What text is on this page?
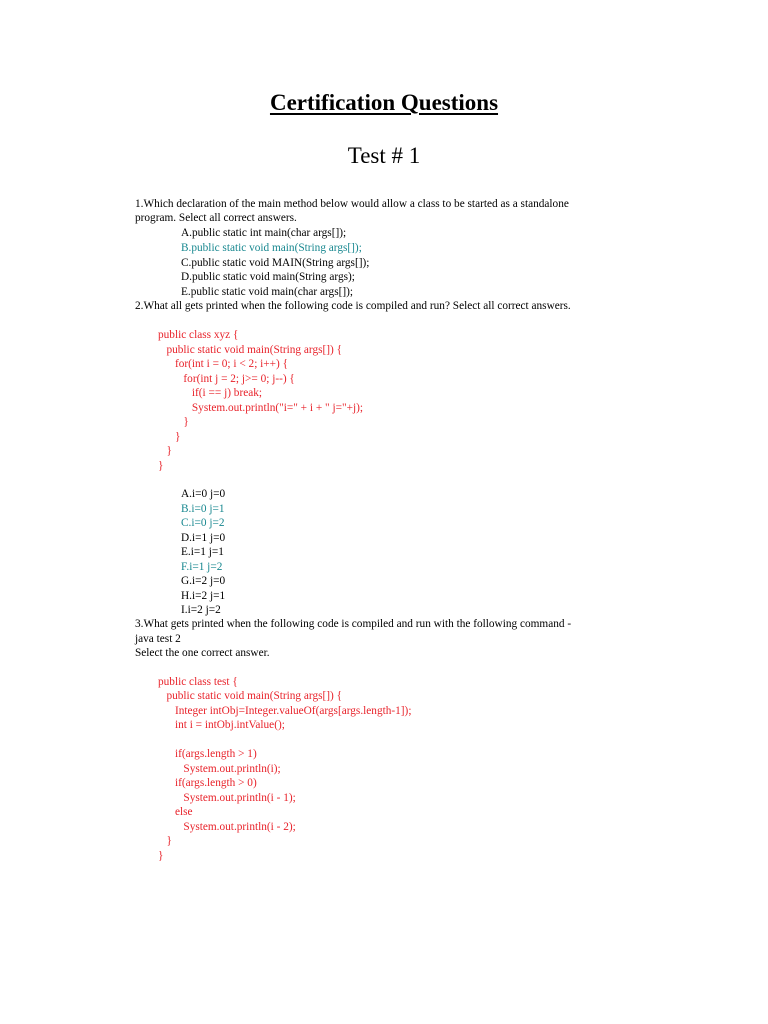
Certification Questions
Test # 1
1.Which declaration of the main method below would allow a class to be started as a standalone
program. Select all correct answers.
A.public static int main(char args[]);
B.public static void main(String args[]);
C.public static void MAIN(String args[]);
D.public static void main(String args);
E.public static void main(char args[]);
2.What all gets printed when the following code is compiled and run? Select all correct answers.
public class xyz {
public static void main(String args[]) {
for(int i = 0; i < 2; i++) {
for(int j = 2; j>= 0; j--) {
if(i == j) break;
System.out.println("i=" + i + " j="+j);
}
}
}
}
A.i=0 j=0
B.i=0 j=1
C.i=0 j=2
D.i=1 j=0
E.i=1 j=1
F.i=1 j=2
G.i=2 j=0
H.i=2 j=1
I.i=2 j=2
3.What gets printed when the following code is compiled and run with the following command -
java test 2
Select the one correct answer.
public class test {
public static void main(String args[]) {
Integer intObj=Integer.valueOf(args[args.length-1]);
int i = intObj.intValue();
if(args.length > 1)
System.out.println(i);
if(args.length > 0)
System.out.println(i - 1);
else
System.out.println(i - 2);
}
}
